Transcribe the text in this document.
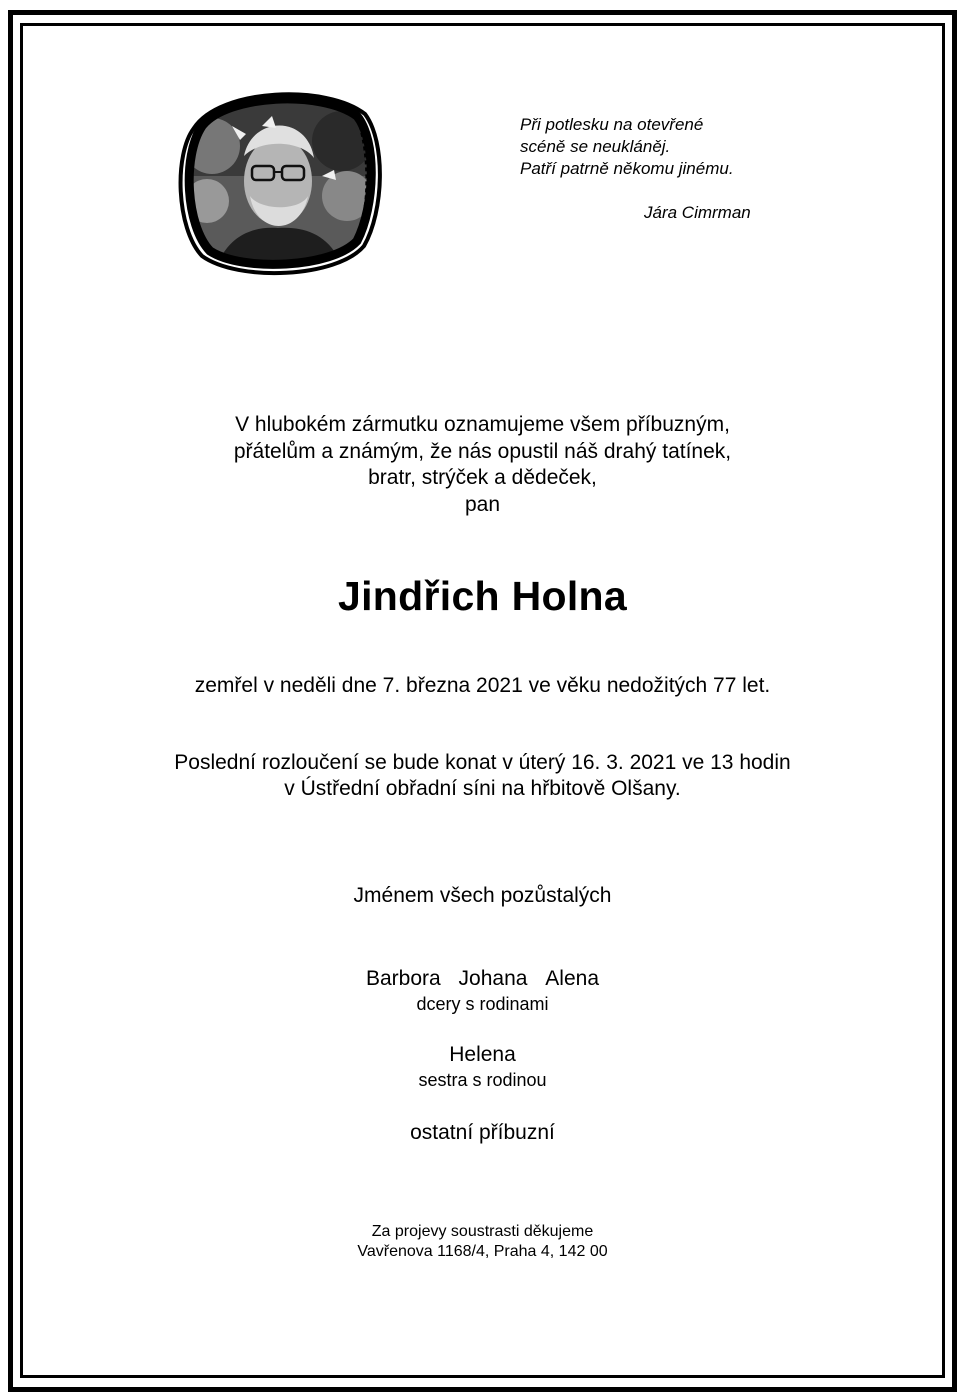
Při potlesku na otevřené
scéně se neukláněj.
Patří patrně někomu jinému.
Jára Cimrman
V hlubokém zármutku oznamujeme všem příbuzným,
přátelům a známým, že nás opustil náš drahý tatínek,
bratr, strýček a dědeček,
pan
Jindřich Holna
zemřel v neděli dne 7. března 2021 ve věku nedožitých 77 let.
Poslední rozloučení se bude konat v úterý 16. 3. 2021 ve 13 hodin
v Ústřední obřadní síni na hřbitově Olšany.
Jménem všech pozůstalých
Barbora Johana Alena
dcery s rodinami
Helena
sestra s rodinou
ostatní příbuzní
Za projevy soustrasti děkujeme
Vavřenova 1168/4, Praha 4, 142 00
